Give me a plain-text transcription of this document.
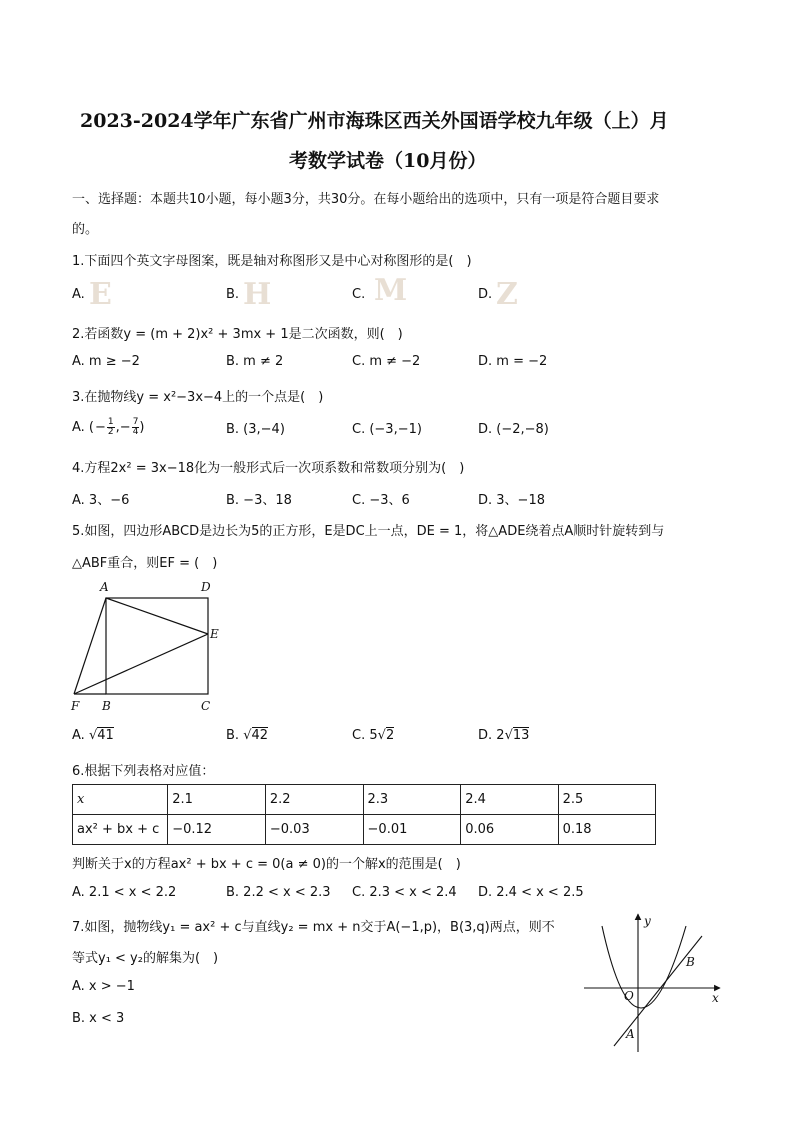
2023-2024学年广东省广州市海珠区西关外国语学校九年级（上）月
考数学试卷（10月份）
一、选择题：本题共10小题，每小题3分，共30分。在每小题给出的选项中，只有一项是符合题目要求
的。
1.下面四个英文字母图案，既是轴对称图形又是中心对称图形的是(　)
A. E	B. H	C. M	D. Z
2.若函数y = (m + 2)x² + 3mx + 1是二次函数，则(　)
A. m ≥ −2	B. m ≠ 2	C. m ≠ −2	D. m = −2
3.在抛物线y = x²−3x−4上的一个点是(　)
A. ( − $\frac{1}{2}$ ,− $\frac{7}{4}$ )	B. (3,−4)	C. (−3,−1)	D. (−2,−8)
4.方程2x² = 3x−18化为一般形式后一次项系数和常数项分别为(　)
A. 3、−6	B. −3、18	C. −3、6	D. 3、−18
5.如图，四边形ABCD是边长为5的正方形，E是DC上一点，DE = 1，将△ADE绕着点A顺时针旋转到与
△ABF重合，则EF = (　)
A	D
E
F B	C
A. √41	B. √42	C. 5√2	D. 2√13
6.根据下列表格对应值：
x	2.1	2.2	2.3	2.4	2.5
ax² + bx + c	−0.12	−0.03	−0.01	0.06	0.18
判断关于x的方程ax² + bx + c = 0(a ≠ 0)的一个解x的范围是(　)
A. 2.1 < x < 2.2	B. 2.2 < x < 2.3 C. 2.3 < x < 2.4 D. 2.4 < x < 2.5
7.如图，抛物线y₁ = ax² + c与直线y₂ = mx + n交于A(−1,p)，B(3,q)两点，则不
等式y₁ < y₂的解集为(　)
A. x > −1
B. x < 3
y
x
O
A
B
